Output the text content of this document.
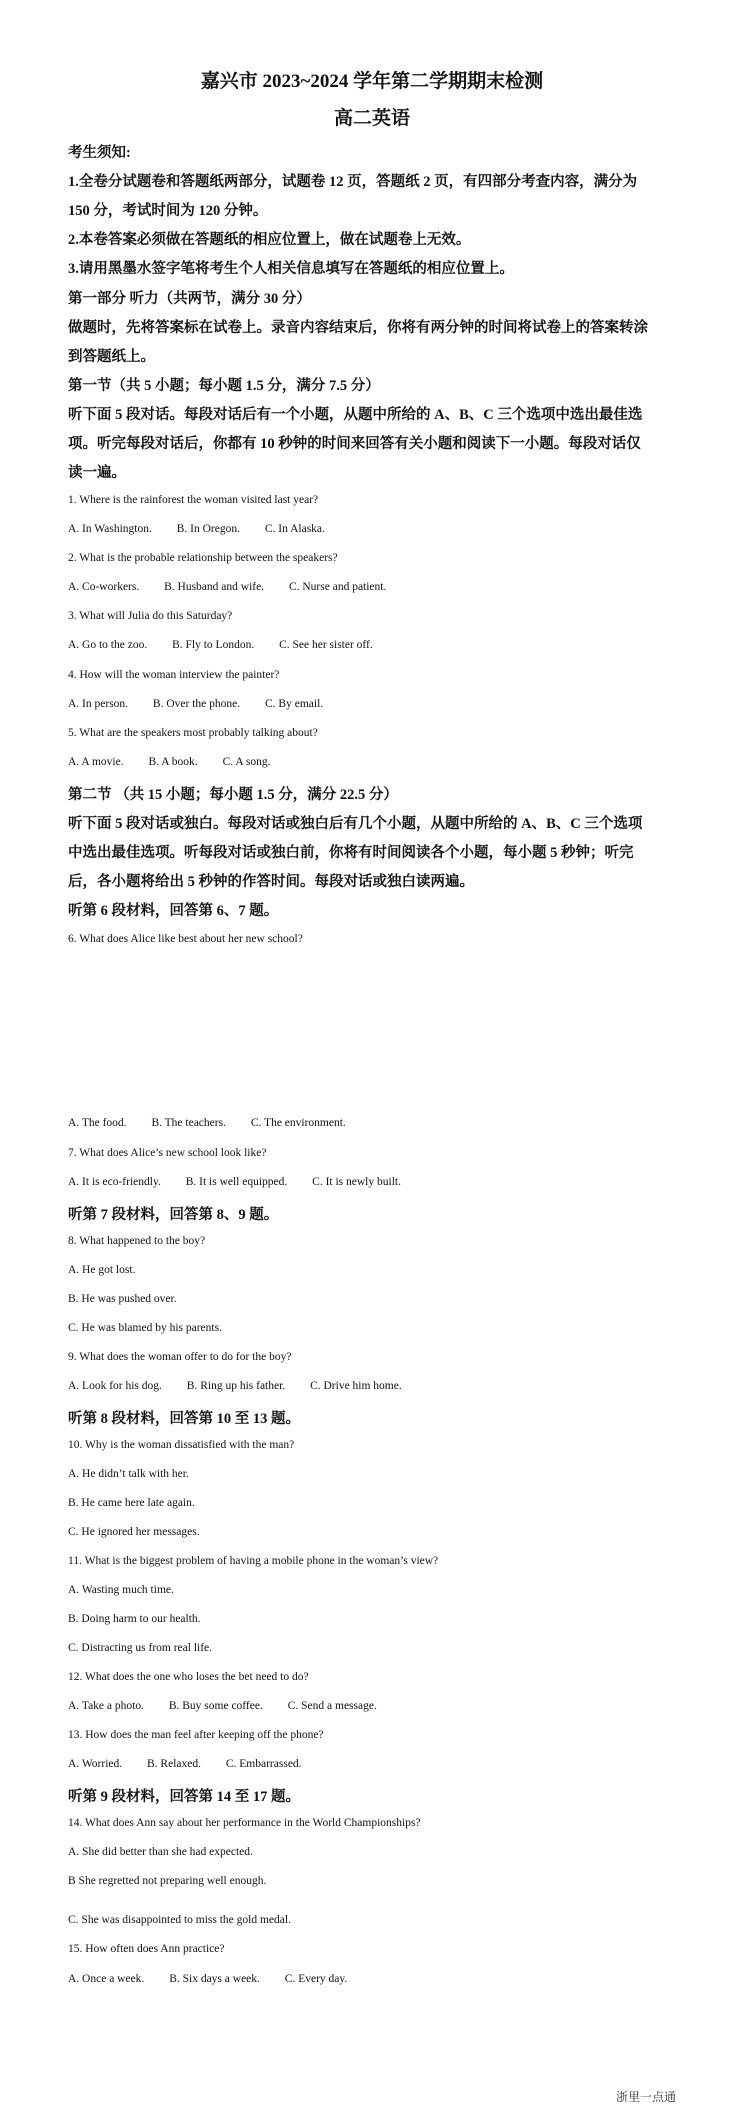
嘉兴市 2023~2024 学年第二学期期末检测
高二英语
考生须知:
1.全卷分试题卷和答题纸两部分，试题卷 12 页，答题纸 2 页，有四部分考查内容，满分为
150 分，考试时间为 120 分钟。
2.本卷答案必须做在答题纸的相应位置上，做在试题卷上无效。
3.请用黑墨水签字笔将考生个人相关信息填写在答题纸的相应位置上。
第一部分 听力（共两节，满分 30 分）
做题时，先将答案标在试卷上。录音内容结束后，你将有两分钟的时间将试卷上的答案转涂
到答题纸上。
第一节（共 5 小题；每小题 1.5 分，满分 7.5 分）
听下面 5 段对话。每段对话后有一个小题，从题中所给的 A、B、C 三个选项中选出最佳选
项。听完每段对话后，你都有 10 秒钟的时间来回答有关小题和阅读下一小题。每段对话仅
读一遍。
1. Where is the rainforest the woman visited last year?
A. In Washington. B. In Oregon. C. In Alaska.
2. What is the probable relationship between the speakers?
A. Co-workers. B. Husband and wife. C. Nurse and patient.
3. What will Julia do this Saturday?
A. Go to the zoo. B. Fly to London. C. See her sister off.
4. How will the woman interview the painter?
A. In person. B. Over the phone. C. By email.
5. What are the speakers most probably talking about?
A. A movie. B. A book. C. A song.
第二节 （共 15 小题；每小题 1.5 分，满分 22.5 分）
听下面 5 段对话或独白。每段对话或独白后有几个小题，从题中所给的 A、B、C 三个选项
中选出最佳选项。听每段对话或独白前，你将有时间阅读各个小题，每小题 5 秒钟；听完
后，各小题将给出 5 秒钟的作答时间。每段对话或独白读两遍。
听第 6 段材料，回答第 6、7 题。
6. What does Alice like best about her new school?
A. The food. B. The teachers. C. The environment.
7. What does Alice’s new school look like?
A. It is eco-friendly. B. It is well equipped. C. It is newly built.
听第 7 段材料，回答第 8、9 题。
8. What happened to the boy?
A. He got lost.
B. He was pushed over.
C. He was blamed by his parents.
9. What does the woman offer to do for the boy?
A. Look for his dog. B. Ring up his father. C. Drive him home.
听第 8 段材料，回答第 10 至 13 题。
10. Why is the woman dissatisfied with the man?
A. He didn’t talk with her.
B. He came here late again.
C. He ignored her messages.
11. What is the biggest problem of having a mobile phone in the woman’s view?
A. Wasting much time.
B. Doing harm to our health.
C. Distracting us from real life.
12. What does the one who loses the bet need to do?
A. Take a photo. B. Buy some coffee. C. Send a message.
13. How does the man feel after keeping off the phone?
A. Worried. B. Relaxed. C. Embarrassed.
听第 9 段材料，回答第 14 至 17 题。
14. What does Ann say about her performance in the World Championships?
A. She did better than she had expected.
B She regretted not preparing well enough.
C. She was disappointed to miss the gold medal.
15. How often does Ann practice?
A. Once a week. B. Six days a week. C. Every day.
浙里一点通
